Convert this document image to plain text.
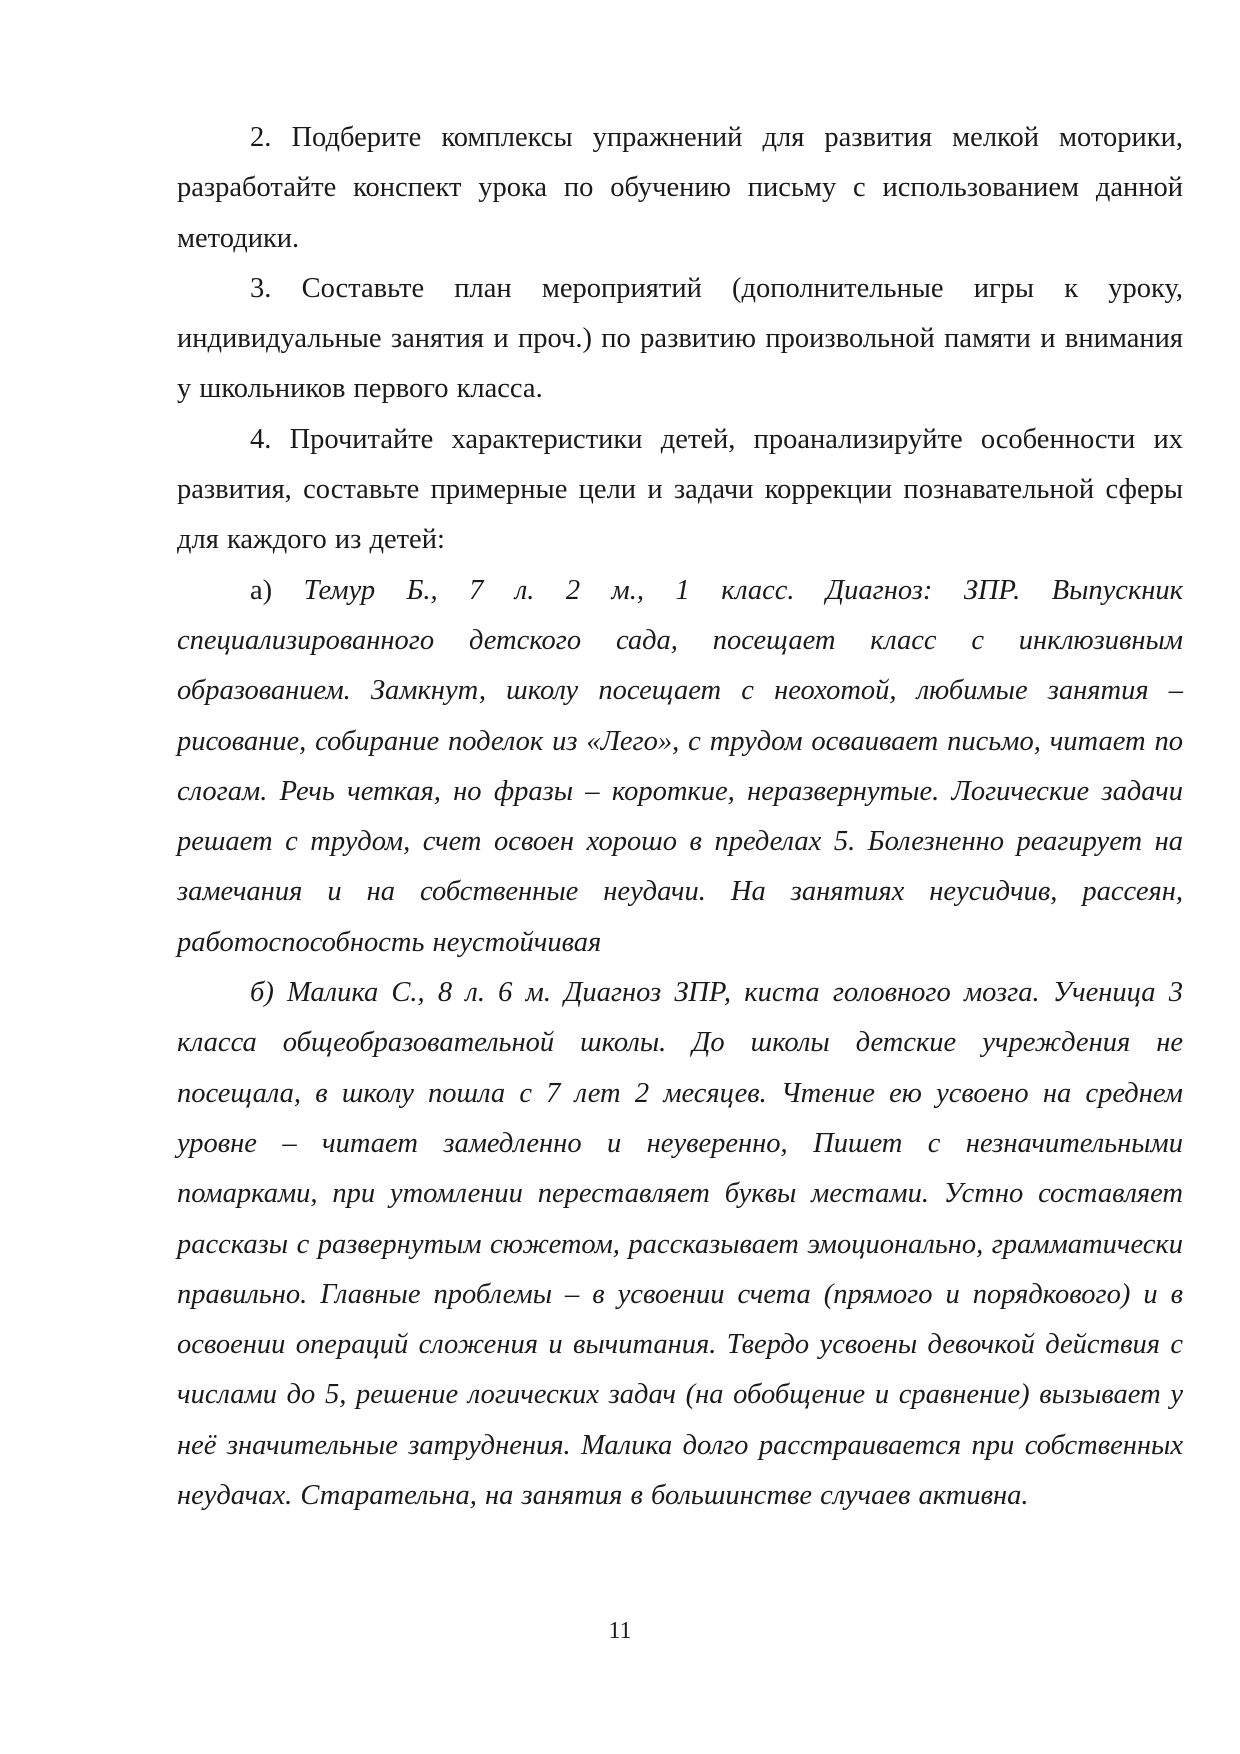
2. Подберите комплексы упражнений для развития мелкой моторики, разработайте конспект урока по обучению письму с использованием данной методики.

3. Составьте план мероприятий (дополнительные игры к уроку, индивидуальные занятия и проч.) по развитию произвольной памяти и внимания у школьников первого класса.

4. Прочитайте характеристики детей, проанализируйте особенности их развития, составьте примерные цели и задачи коррекции познавательной сферы для каждого из детей:

а) Темур Б., 7 л. 2 м., 1 класс. Диагноз: ЗПР. Выпускник специализированного детского сада, посещает класс с инклюзивным образованием. Замкнут, школу посещает с неохотой, любимые занятия – рисование, собирание поделок из «Лего», с трудом осваивает письмо, читает по слогам. Речь четкая, но фразы – короткие, неразвернутые. Логические задачи решает с трудом, счет освоен хорошо в пределах 5. Болезненно реагирует на замечания и на собственные неудачи. На занятиях неусидчив, рассеян, работоспособность неустойчивая

б) Малика С., 8 л. 6 м. Диагноз ЗПР, киста головного мозга. Ученица 3 класса общеобразовательной школы. До школы детские учреждения не посещала, в школу пошла с 7 лет 2 месяцев. Чтение ею усвоено на среднем уровне – читает замедленно и неуверенно, Пишет с незначительными помарками, при утомлении переставляет буквы местами. Устно составляет рассказы с развернутым сюжетом, рассказывает эмоционально, грамматически правильно. Главные проблемы – в усвоении счета (прямого и порядкового) и в освоении операций сложения и вычитания. Твердо усвоены девочкой действия с числами до 5, решение логических задач (на обобщение и сравнение) вызывает у неё значительные затруднения. Малика долго расстраивается при собственных неудачах. Старательна, на занятия в большинстве случаев активна.

11
